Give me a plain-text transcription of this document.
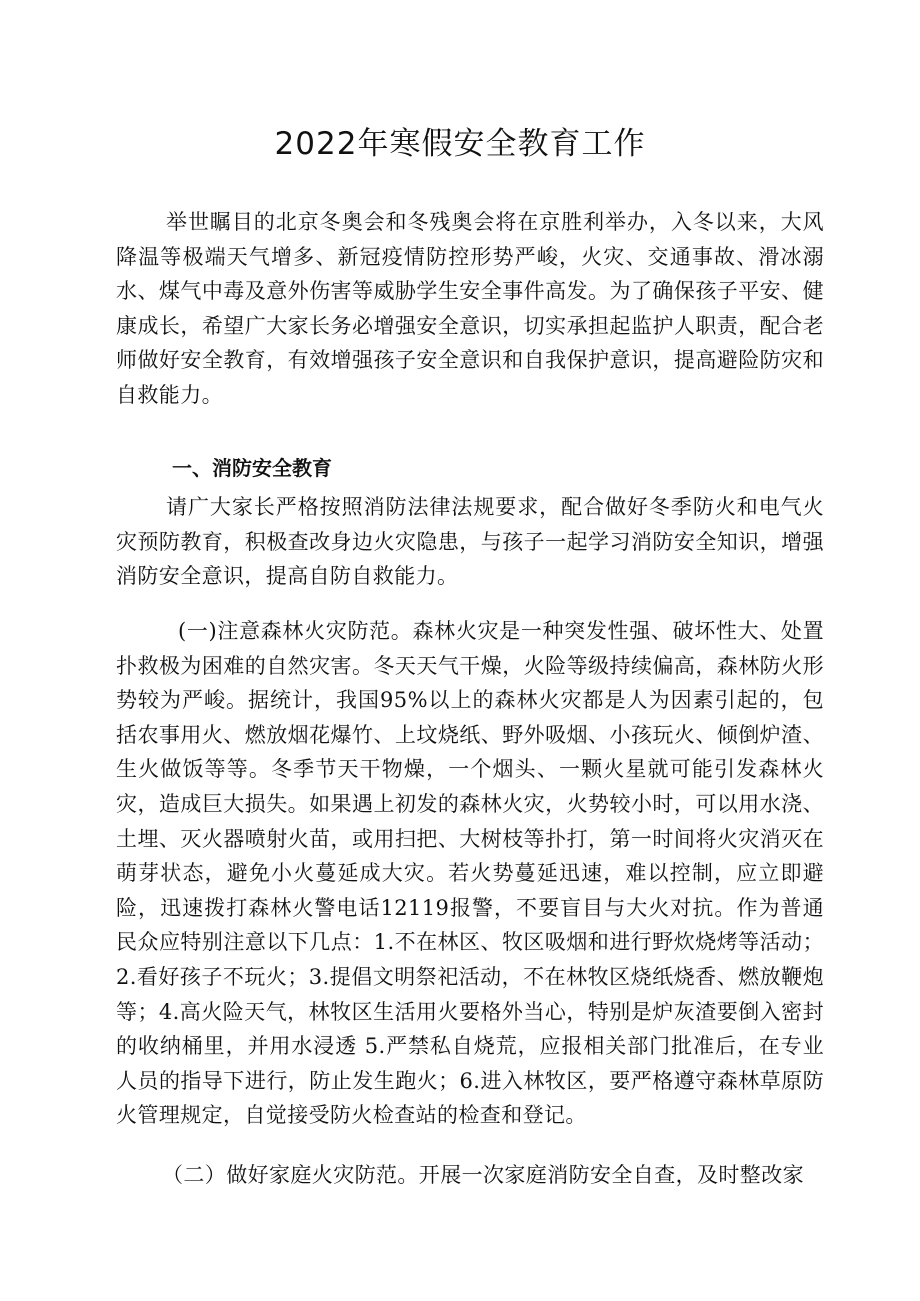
2022年寒假安全教育工作

举世瞩目的北京冬奥会和冬残奥会将在京胜利举办，入冬以来，大风降温等极端天气增多、新冠疫情防控形势严峻，火灾、交通事故、滑冰溺水、煤气中毒及意外伤害等威胁学生安全事件高发。为了确保孩子平安、健康成长，希望广大家长务必增强安全意识，切实承担起监护人职责，配合老师做好安全教育，有效增强孩子安全意识和自我保护意识，提高避险防灾和自救能力。

一、消防安全教育

请广大家长严格按照消防法律法规要求，配合做好冬季防火和电气火灾预防教育，积极查改身边火灾隐患，与孩子一起学习消防安全知识，增强消防安全意识，提高自防自救能力。

(一)注意森林火灾防范。森林火灾是一种突发性强、破坏性大、处置扑救极为困难的自然灾害。冬天天气干燥，火险等级持续偏高，森林防火形势较为严峻。据统计，我国95%以上的森林火灾都是人为因素引起的，包括农事用火、燃放烟花爆竹、上坟烧纸、野外吸烟、小孩玩火、倾倒炉渣、生火做饭等等。冬季节天干物燥，一个烟头、一颗火星就可能引发森林火灾，造成巨大损失。如果遇上初发的森林火灾，火势较小时，可以用水浇、土埋、灭火器喷射火苗，或用扫把、大树枝等扑打，第一时间将火灾消灭在萌芽状态，避免小火蔓延成大灾。若火势蔓延迅速，难以控制，应立即避险，迅速拨打森林火警电话12119报警，不要盲目与大火对抗。作为普通民众应特别注意以下几点：1.不在林区、牧区吸烟和进行野炊烧烤等活动；2.看好孩子不玩火；3.提倡文明祭祀活动，不在林牧区烧纸烧香、燃放鞭炮等；4.高火险天气，林牧区生活用火要格外当心，特别是炉灰渣要倒入密封的收纳桶里，并用水浸透 5.严禁私自烧荒，应报相关部门批准后，在专业人员的指导下进行，防止发生跑火；6.进入林牧区，要严格遵守森林草原防火管理规定，自觉接受防火检查站的检查和登记。

（二）做好家庭火灾防范。开展一次家庭消防安全自查，及时整改家
